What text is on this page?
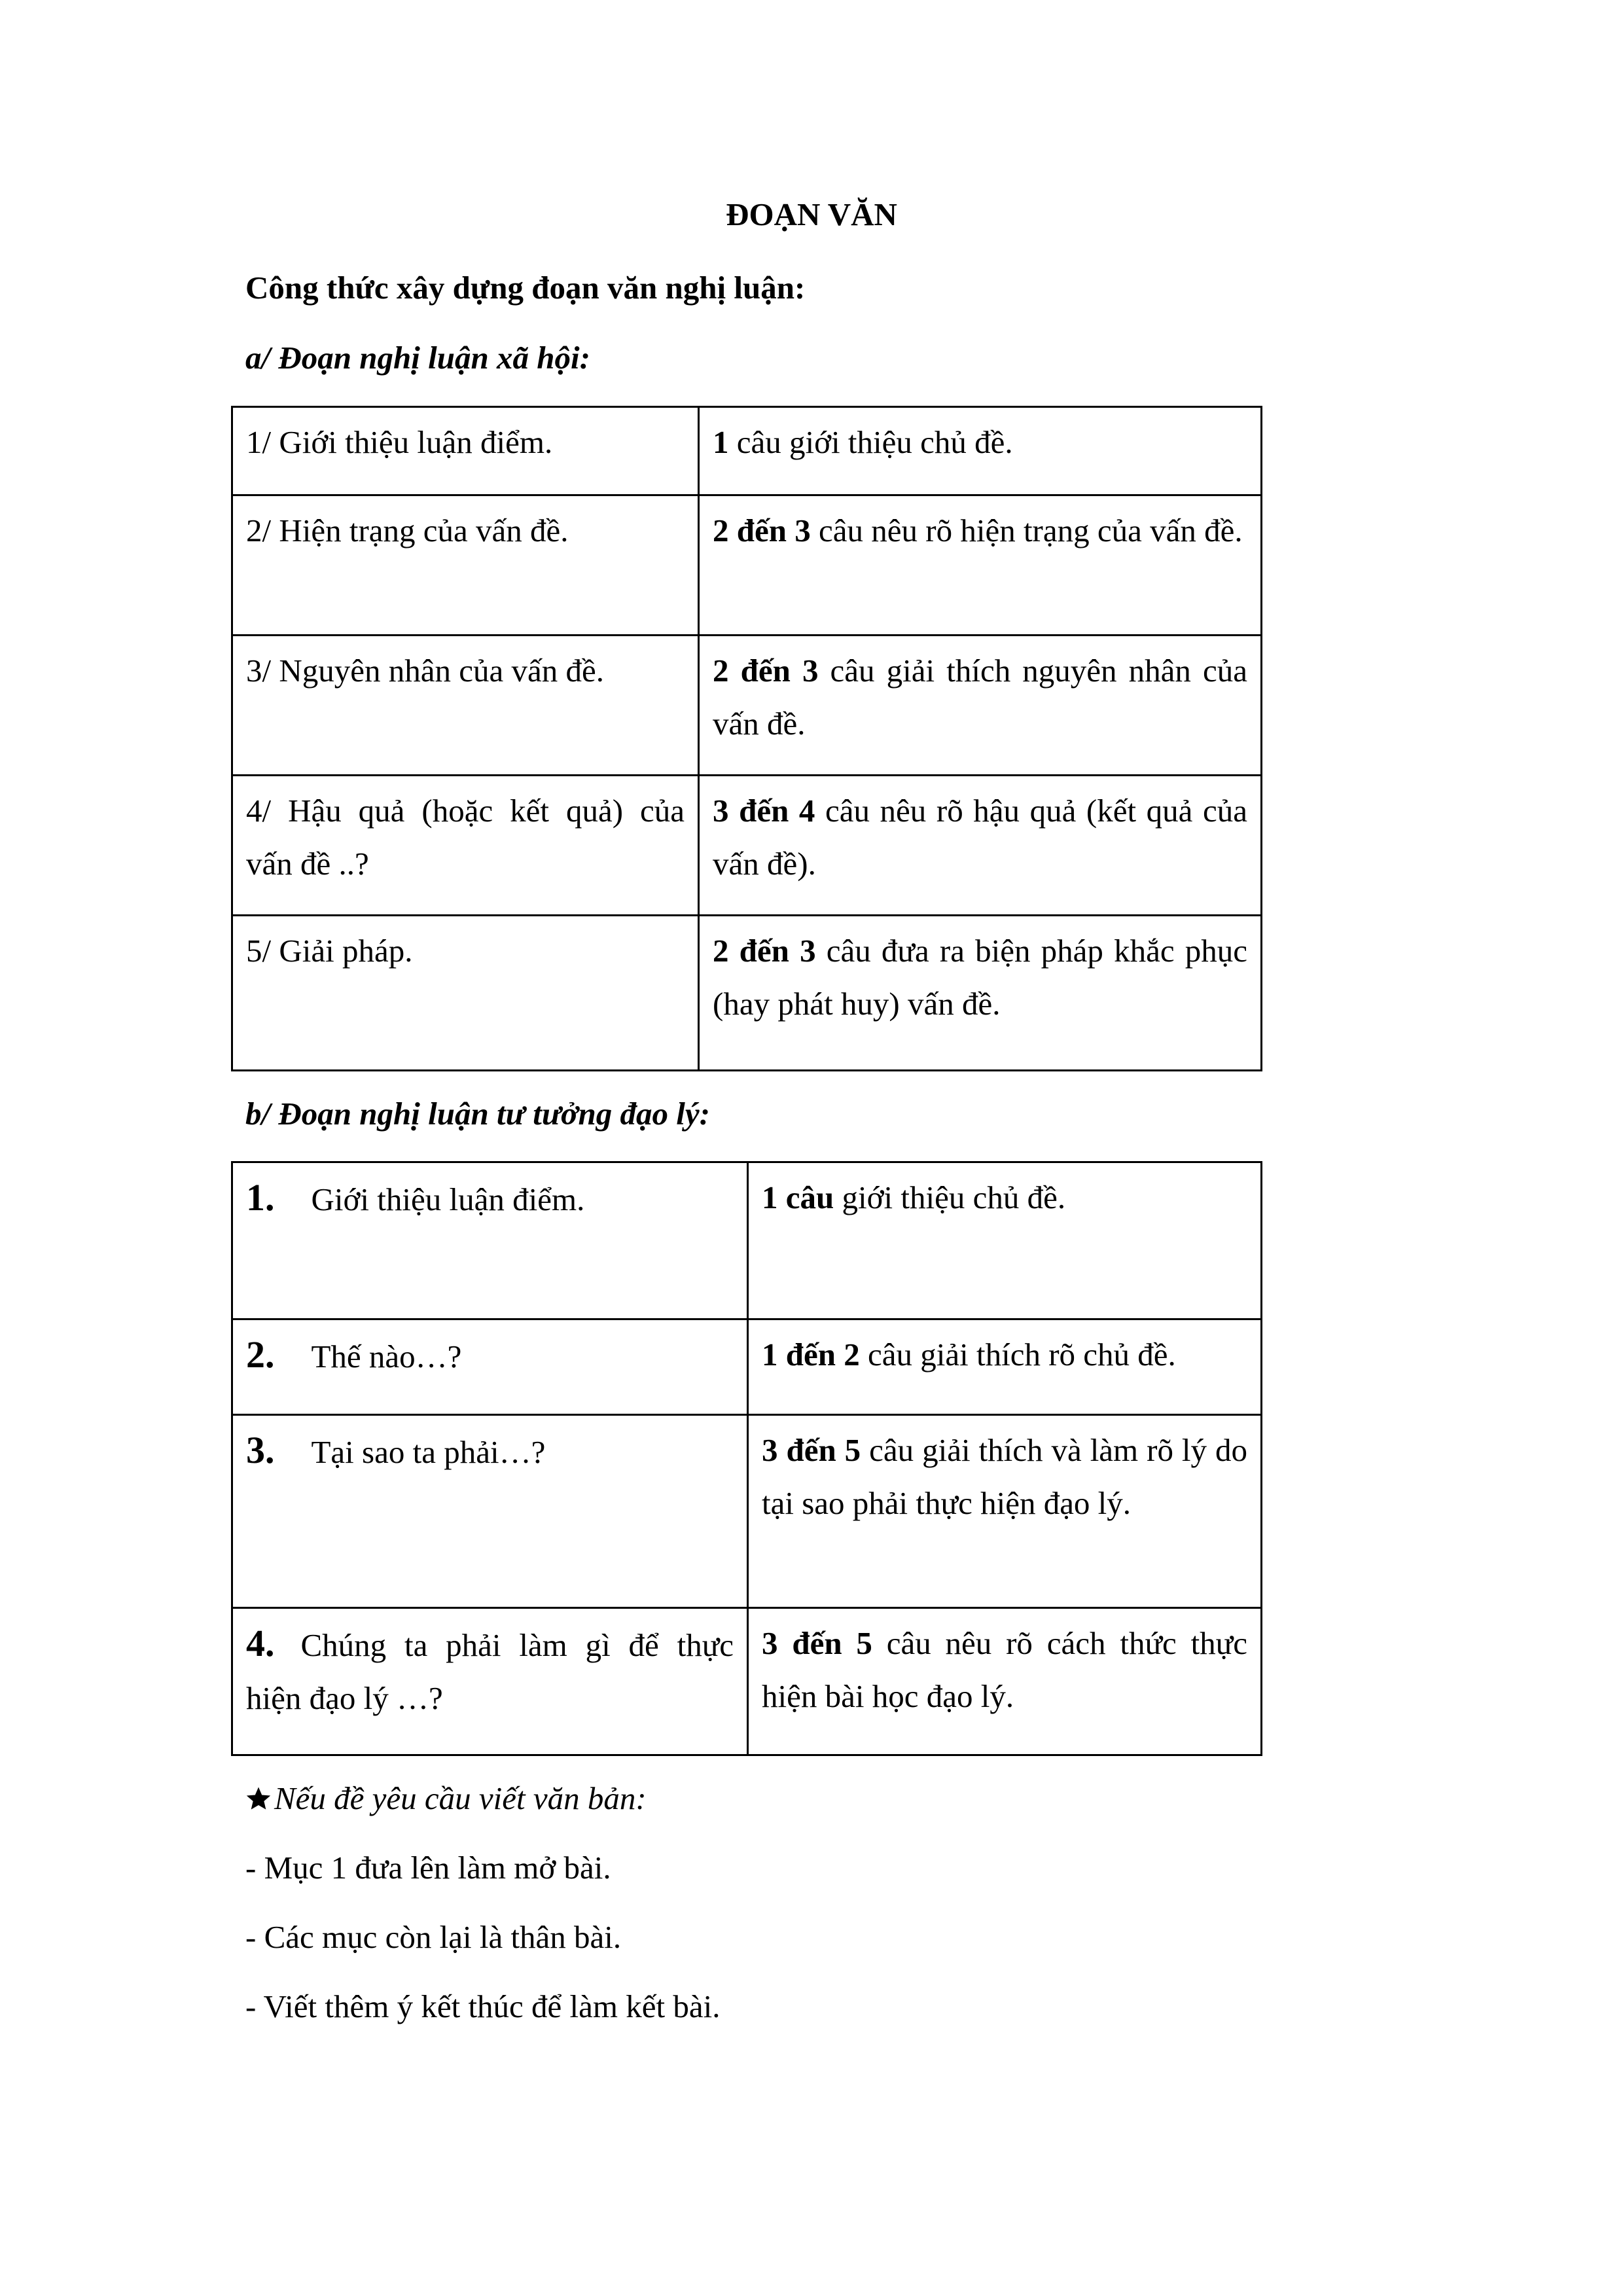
ĐOẠN VĂN
Công thức xây dựng đoạn văn nghị luận:
a/ Đoạn nghị luận xã hội:
1/ Giới thiệu luận điểm.	1 câu giới thiệu chủ đề.
2/ Hiện trạng của vấn đề.	2 đến 3 câu nêu rõ hiện trạng của vấn đề.
3/ Nguyên nhân của vấn đề.	2 đến 3 câu giải thích nguyên nhân của vấn đề.
4/ Hậu quả (hoặc kết quả) của vấn đề ..?	3 đến 4 câu nêu rõ hậu quả (kết quả của vấn đề).
5/ Giải pháp.	2 đến 3 câu đưa ra biện pháp khắc phục (hay phát huy) vấn đề.
b/ Đoạn nghị luận tư tưởng đạo lý:
1. Giới thiệu luận điểm.	1 câu giới thiệu chủ đề.
2. Thế nào…?	1 đến 2 câu giải thích rõ chủ đề.
3. Tại sao ta phải…?	3 đến 5 câu giải thích và làm rõ lý do tại sao phải thực hiện đạo lý.
4. Chúng ta phải làm gì để thực hiện đạo lý …?	3 đến 5 câu nêu rõ cách thức thực hiện bài học đạo lý.
Nếu đề yêu cầu viết văn bản:
- Mục 1 đưa lên làm mở bài.
- Các mục còn lại là thân bài.
- Viết thêm ý kết thúc để làm kết bài.
